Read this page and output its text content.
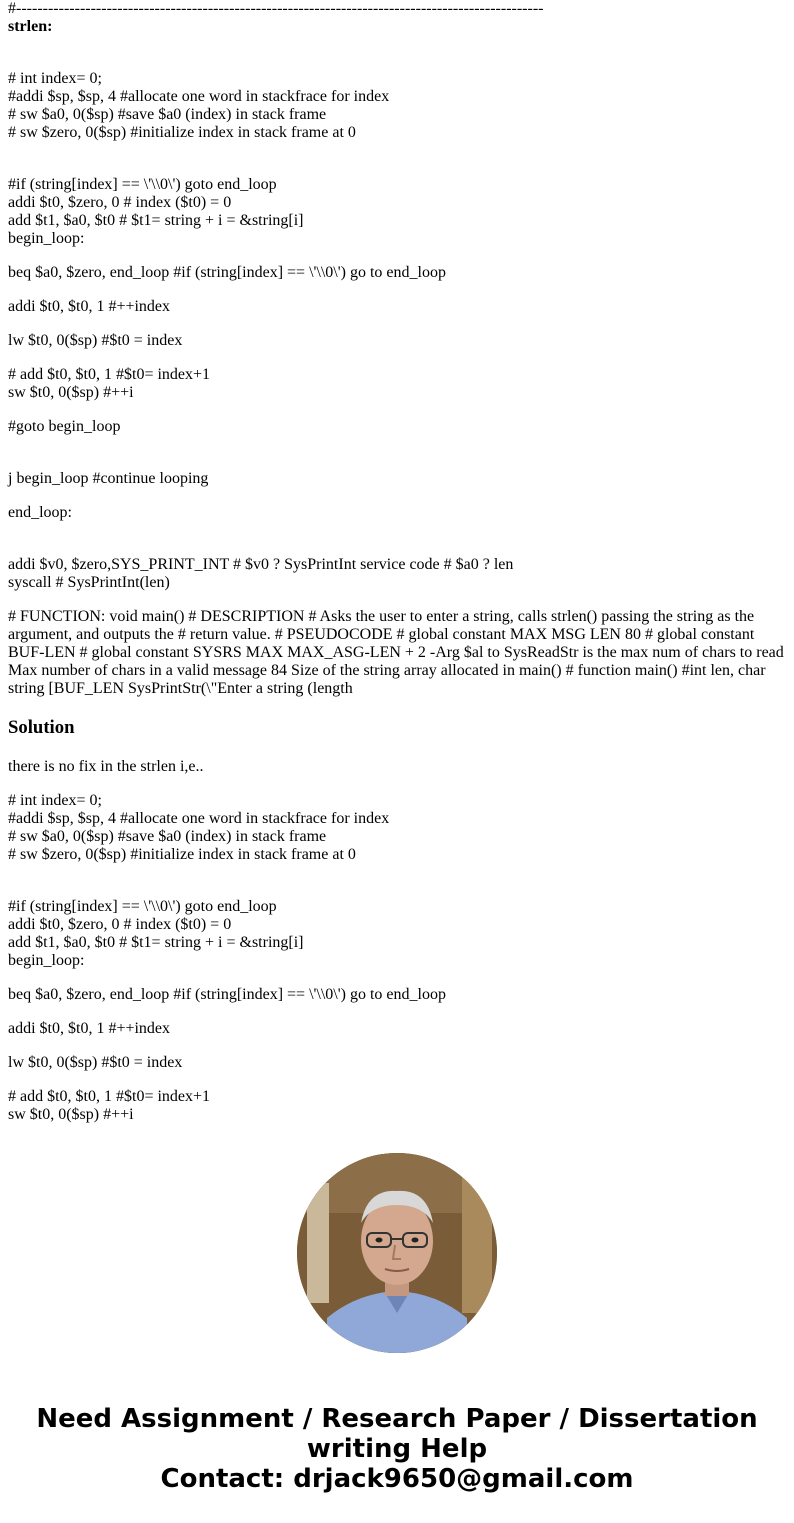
#---------------------------------------------------------------------------------------------------
strlen:
# int index= 0;
#addi $sp, $sp, 4 #allocate one word in stackfrace for index
# sw $a0, 0($sp) #save $a0 (index) in stack frame
# sw $zero, 0($sp) #initialize index in stack frame at 0
#if (string[index] == \'\\0\') goto end_loop
addi $t0, $zero, 0 # index ($t0) = 0
add $t1, $a0, $t0 # $t1= string + i = &string[i]
begin_loop:
beq $a0, $zero, end_loop #if (string[index] == \'\\0\') go to end_loop
addi $t0, $t0, 1 #++index
lw $t0, 0($sp) #$t0 = index
# add $t0, $t0, 1 #$t0= index+1
sw $t0, 0($sp) #++i
#goto begin_loop
j begin_loop #continue looping
end_loop:
addi $v0, $zero,SYS_PRINT_INT # $v0 ? SysPrintInt service code # $a0 ? len
syscall # SysPrintInt(len)
# FUNCTION: void main() # DESCRIPTION # Asks the user to enter a string, calls strlen() passing the string as the argument, and outputs the # return value. # PSEUDOCODE # global constant MAX MSG LEN 80 # global constant BUF-LEN # global constant SYSRS MAX MAX_ASG-LEN + 2 -Arg $al to SysReadStr is the max num of chars to read Max number of chars in a valid message 84 Size of the string array allocated in main() # function main() #int len, char string [BUF_LEN SysPrintStr(\"Enter a string (length
Solution
there is no fix in the strlen i,e..
# int index= 0;
#addi $sp, $sp, 4 #allocate one word in stackfrace for index
# sw $a0, 0($sp) #save $a0 (index) in stack frame
# sw $zero, 0($sp) #initialize index in stack frame at 0
#if (string[index] == \'\\0\') goto end_loop
addi $t0, $zero, 0 # index ($t0) = 0
add $t1, $a0, $t0 # $t1= string + i = &string[i]
begin_loop:
beq $a0, $zero, end_loop #if (string[index] == \'\\0\') go to end_loop
addi $t0, $t0, 1 #++index
lw $t0, 0($sp) #$t0 = index
# add $t0, $t0, 1 #$t0= index+1
sw $t0, 0($sp) #++i
Need Assignment / Research Paper / Dissertation
writing Help
Contact: drjack9650@gmail.com
